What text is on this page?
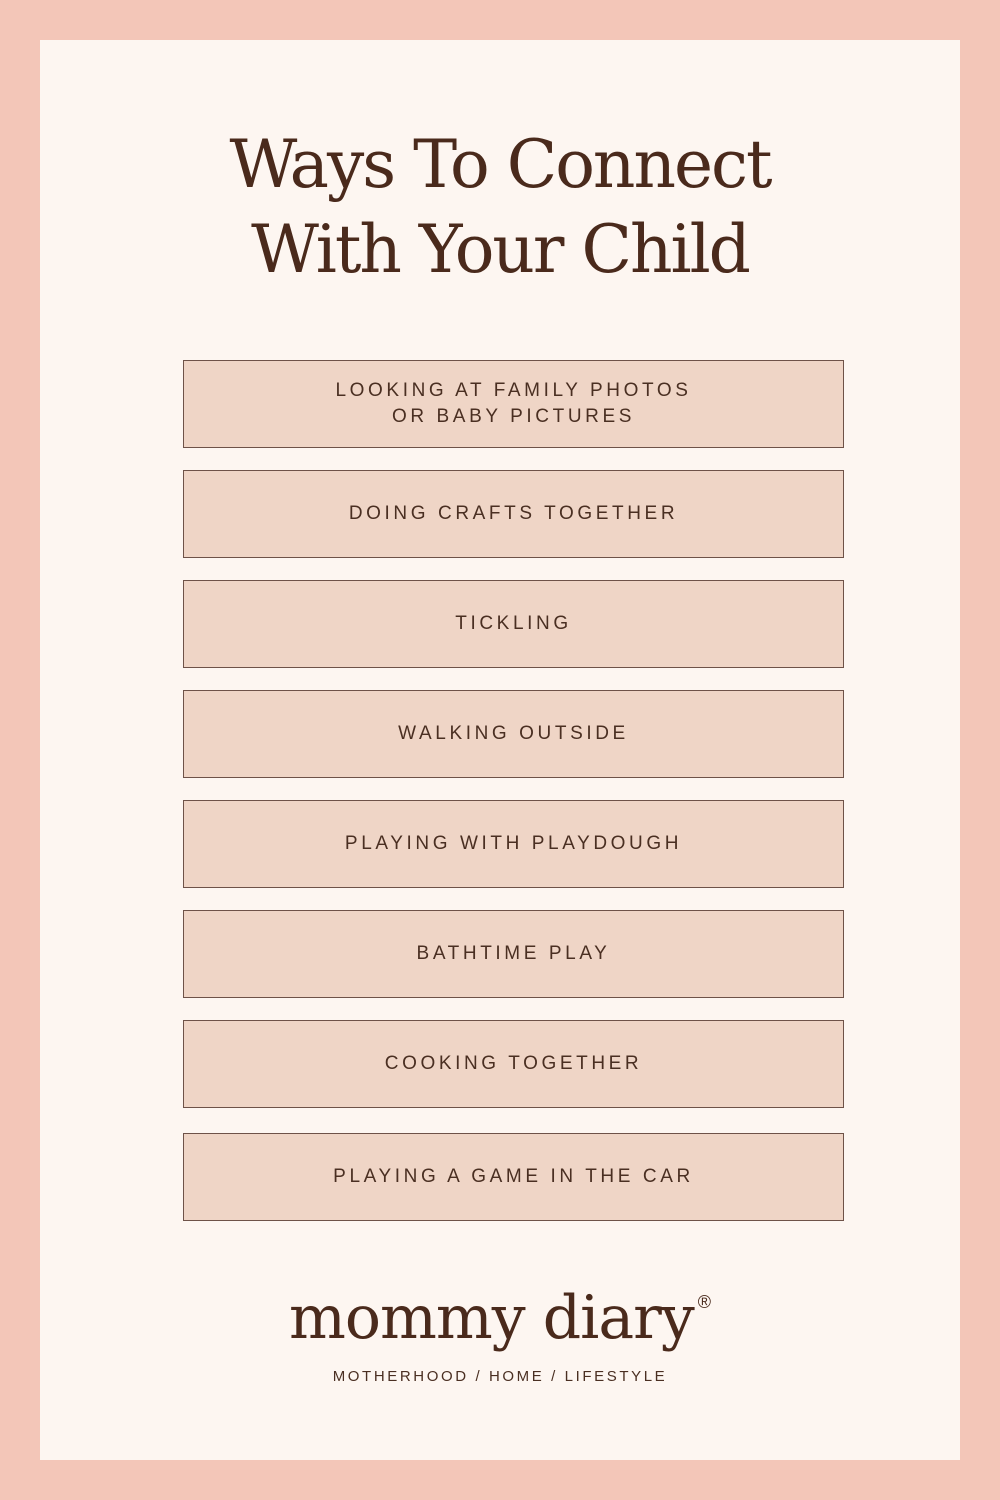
Ways To Connect
With Your Child
LOOKING AT FAMILY PHOTOS
OR BABY PICTURES
DOING CRAFTS TOGETHER
TICKLING
WALKING OUTSIDE
PLAYING WITH PLAYDOUGH
BATHTIME PLAY
COOKING TOGETHER
PLAYING A GAME IN THE CAR
mommy diary ®
MOTHERHOOD / HOME / LIFESTYLE
